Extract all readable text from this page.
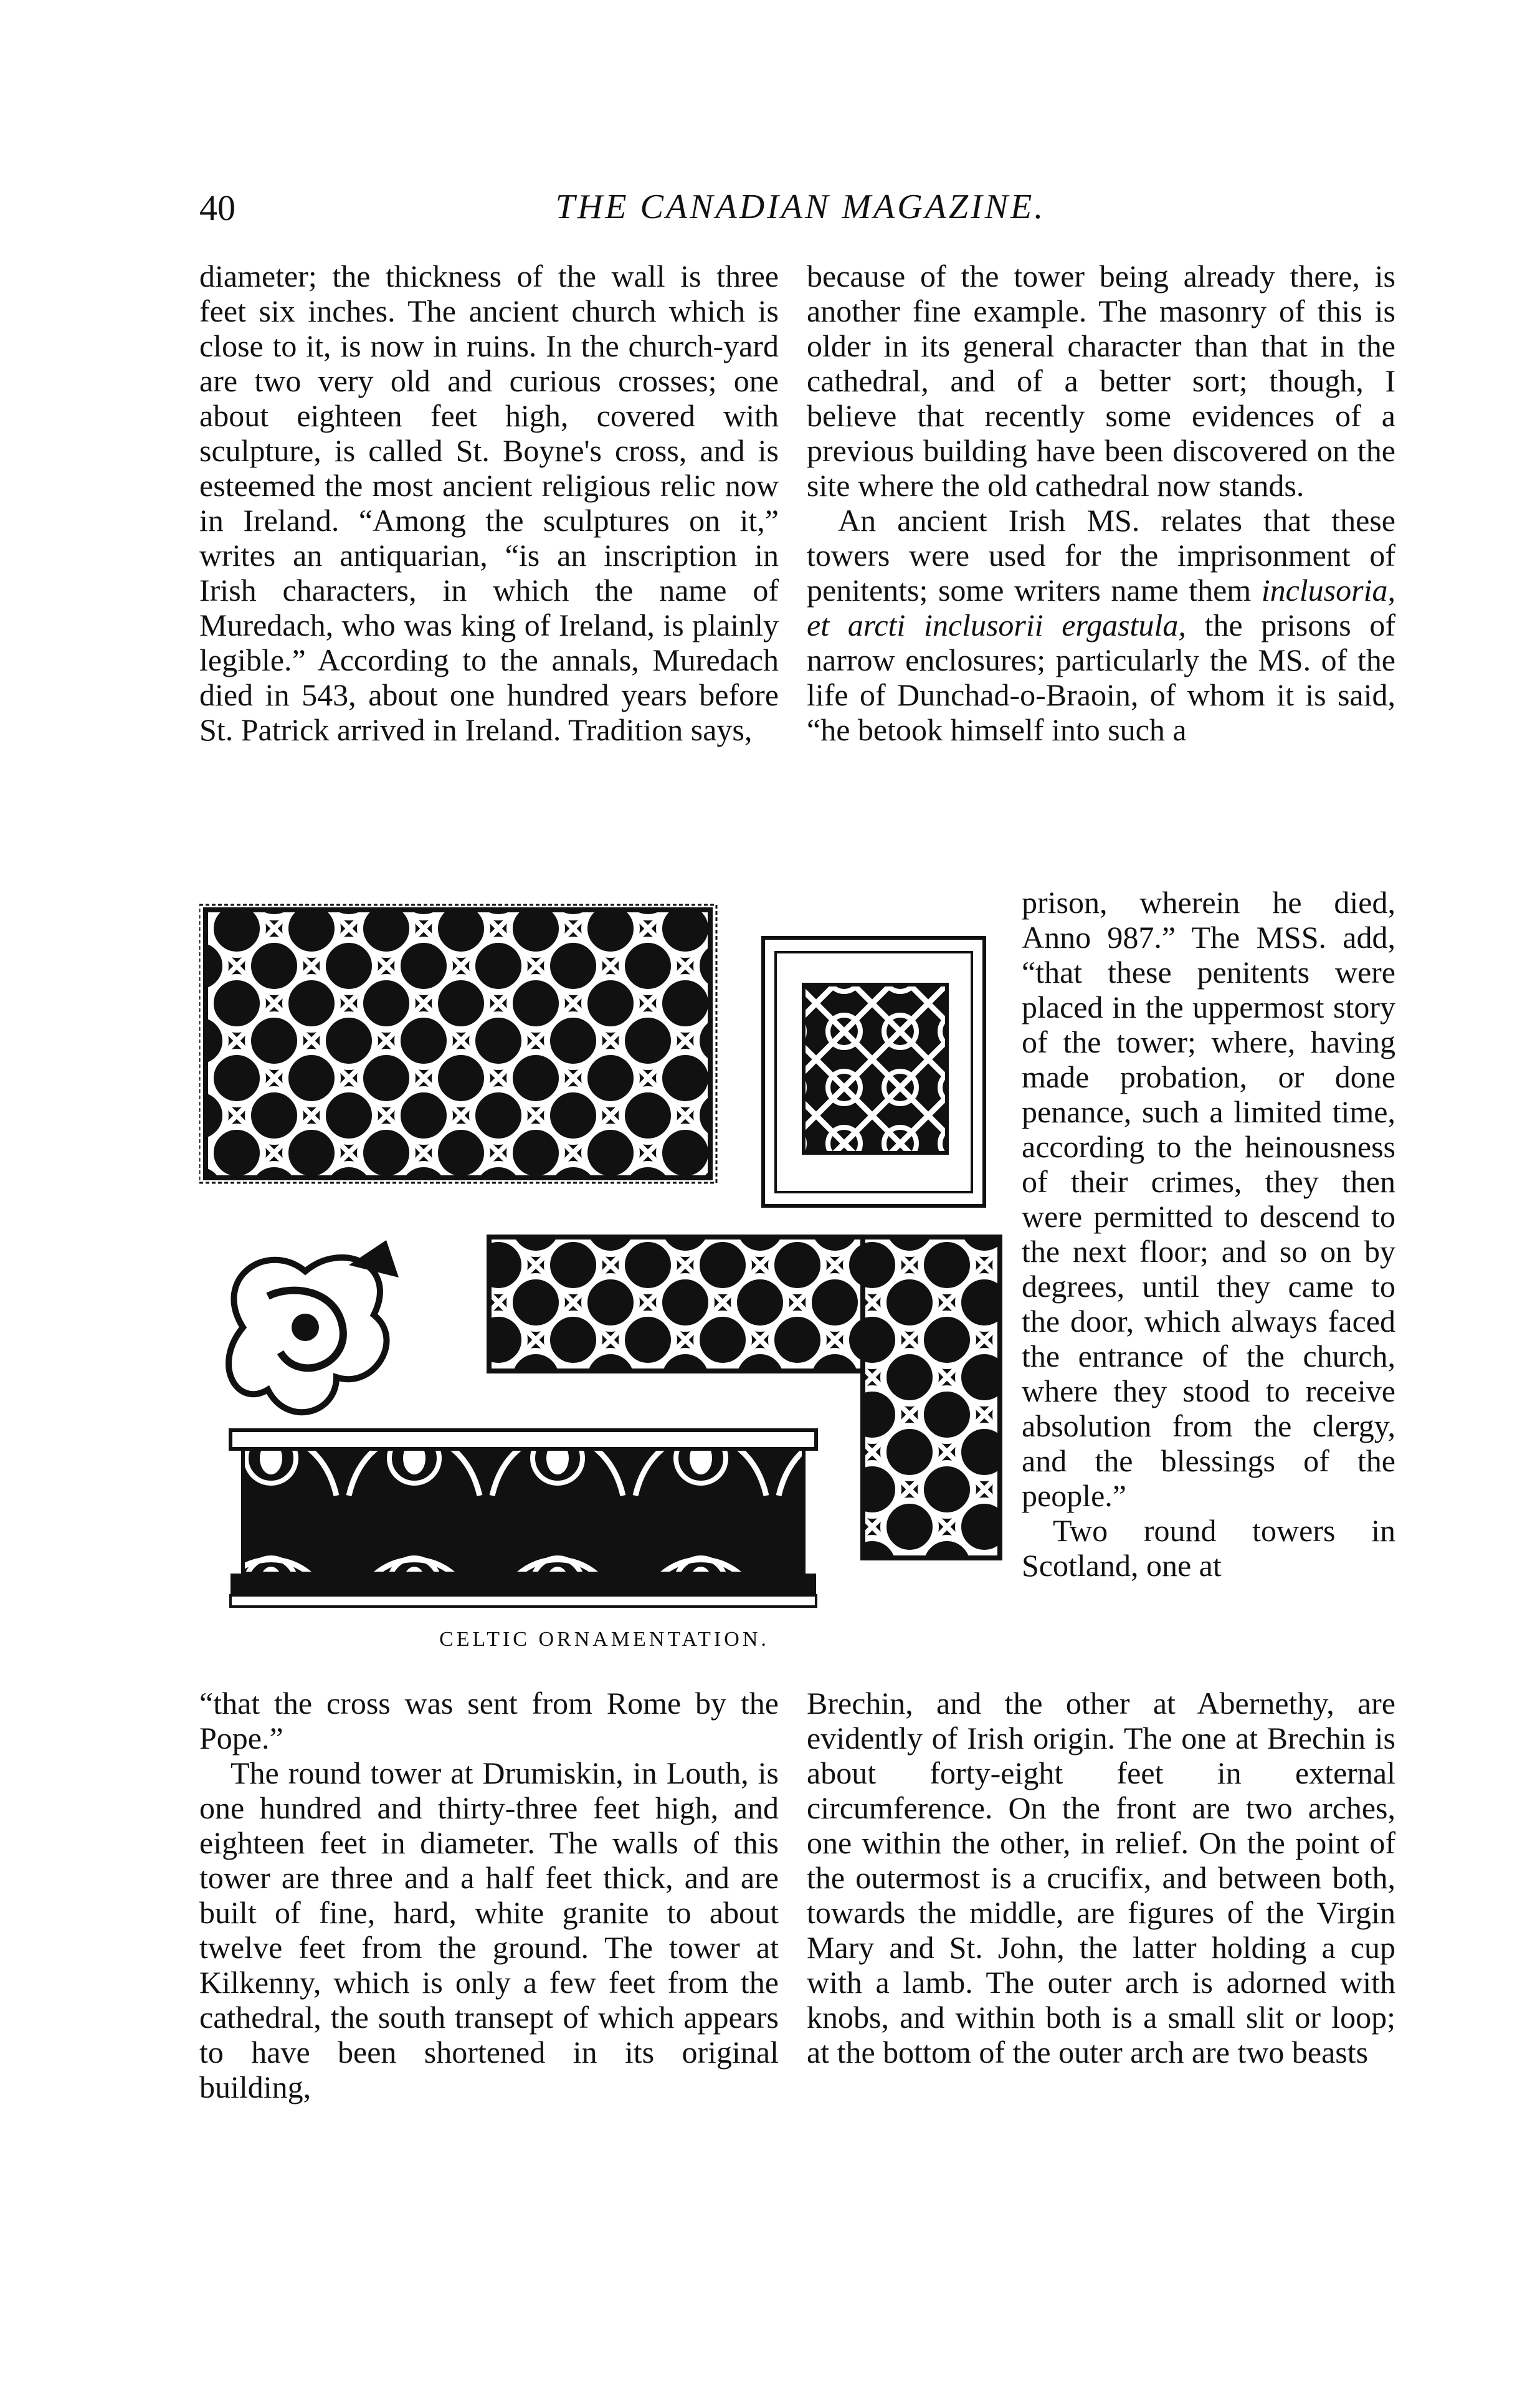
40	THE CANADIAN MAGAZINE.

diameter; the thickness of the wall is three feet six inches. The ancient church which is close to it, is now in ruins. In the church-yard are two very old and curious crosses; one about eighteen feet high, covered with sculpture, is called St. Boyne's cross, and is esteemed the most ancient religious relic now in Ireland. “Among the sculptures on it,” writes an antiquarian, “is an inscription in Irish characters, in which the name of Muredach, who was king of Ireland, is plainly legible.” According to the annals, Muredach died in 543, about one hundred years before St. Patrick arrived in Ireland. Tradition says,

because of the tower being already there, is another fine example. The masonry of this is older in its general character than that in the cathedral, and of a better sort; though, I believe that recently some evidences of a previous building have been discovered on the site where the old cathedral now stands.

An ancient Irish MS. relates that these towers were used for the imprisonment of penitents; some writers name them inclusoria, et arcti inclusorii ergastula, the prisons of narrow enclosures; particularly the MS. of the life of Dunchad-o-Braoin, of whom it is said, “he betook himself into such a

prison, wherein he died, Anno 987.” The MSS. add, “that these penitents were placed in the uppermost story of the tower; where, having made probation, or done penance, such a limited time, according to the heinousness of their crimes, they then were permitted to descend to the next floor; and so on by degrees, until they came to the door, which always faced the entrance of the church, where they stood to receive absolution from the clergy, and the blessings of the people.”

Two round towers in Scotland, one at

CELTIC ORNAMENTATION.

“that the cross was sent from Rome by the Pope.”

The round tower at Drumiskin, in Louth, is one hundred and thirty-three feet high, and eighteen feet in diameter. The walls of this tower are three and a half feet thick, and are built of fine, hard, white granite to about twelve feet from the ground. The tower at Kilkenny, which is only a few feet from the cathedral, the south transept of which appears to have been shortened in its original building,

Brechin, and the other at Abernethy, are evidently of Irish origin. The one at Brechin is about forty-eight feet in external circumference. On the front are two arches, one within the other, in relief. On the point of the outermost is a crucifix, and between both, towards the middle, are figures of the Virgin Mary and St. John, the latter holding a cup with a lamb. The outer arch is adorned with knobs, and within both is a small slit or loop; at the bottom of the outer arch are two beasts
